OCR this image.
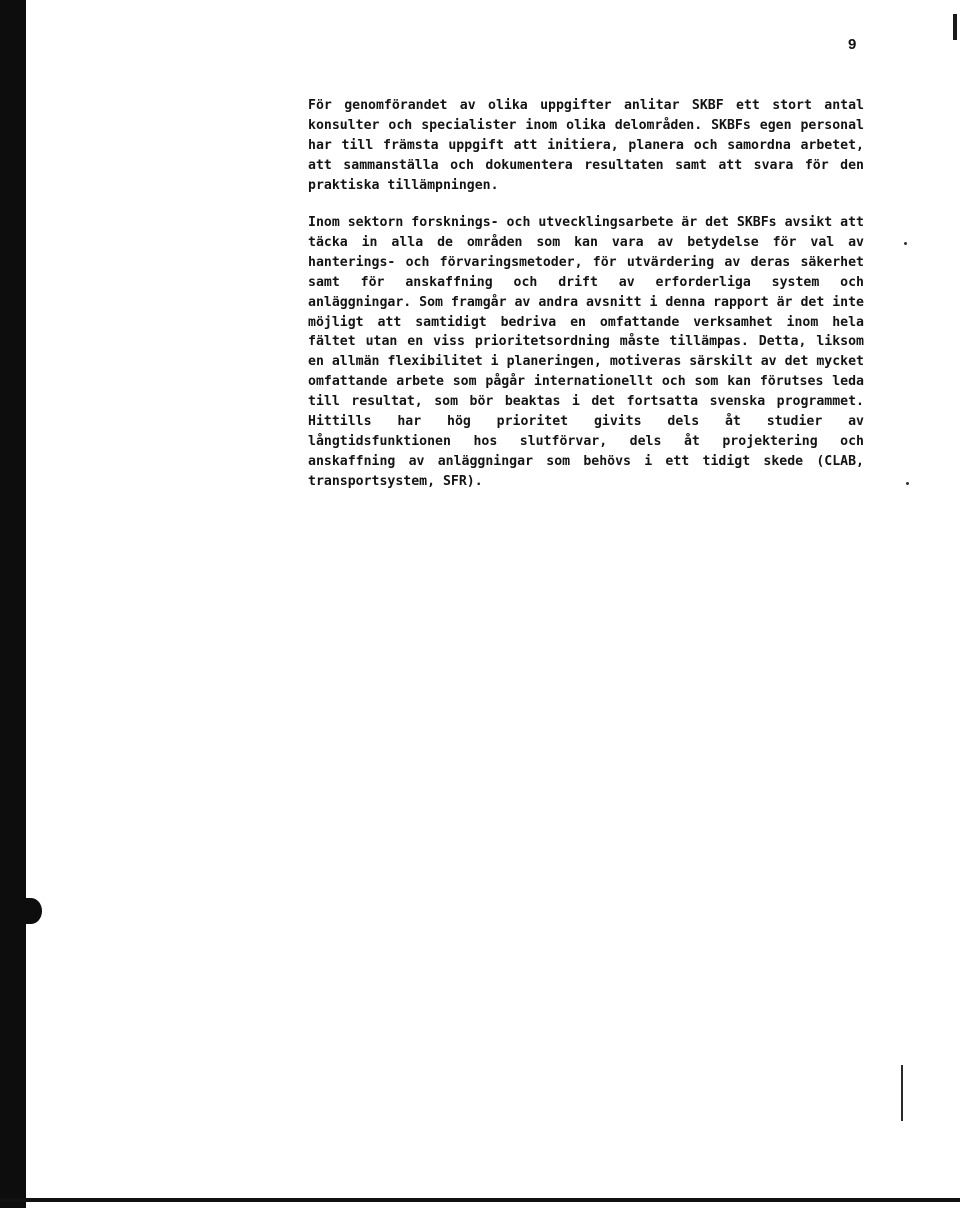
9

För genomförandet av olika uppgifter anlitar SKBF ett stort antal konsulter och specialister inom olika delområden. SKBFs egen personal har till främsta uppgift att initiera, planera och samordna arbetet, att sammanställa och dokumentera resultaten samt att svara för den praktiska tillämpningen.

Inom sektorn forsknings- och utvecklingsarbete är det SKBFs avsikt att täcka in alla de områden som kan vara av betydelse för val av hanterings- och förvaringsmetoder, för utvärdering av deras säkerhet samt för anskaffning och drift av erforderliga system och anläggningar. Som framgår av andra avsnitt i denna rapport är det inte möjligt att samtidigt bedriva en omfattande verksamhet inom hela fältet utan en viss prioritetsordning måste tillämpas. Detta, liksom en allmän flexibilitet i planeringen, motiveras särskilt av det mycket omfattande arbete som pågår internationellt och som kan förutses leda till resultat, som bör beaktas i det fortsatta svenska programmet. Hittills har hög prioritet givits dels åt studier av långtidsfunktionen hos slutförvar, dels åt projektering och anskaffning av anläggningar som behövs i ett tidigt skede (CLAB, transportsystem, SFR).
